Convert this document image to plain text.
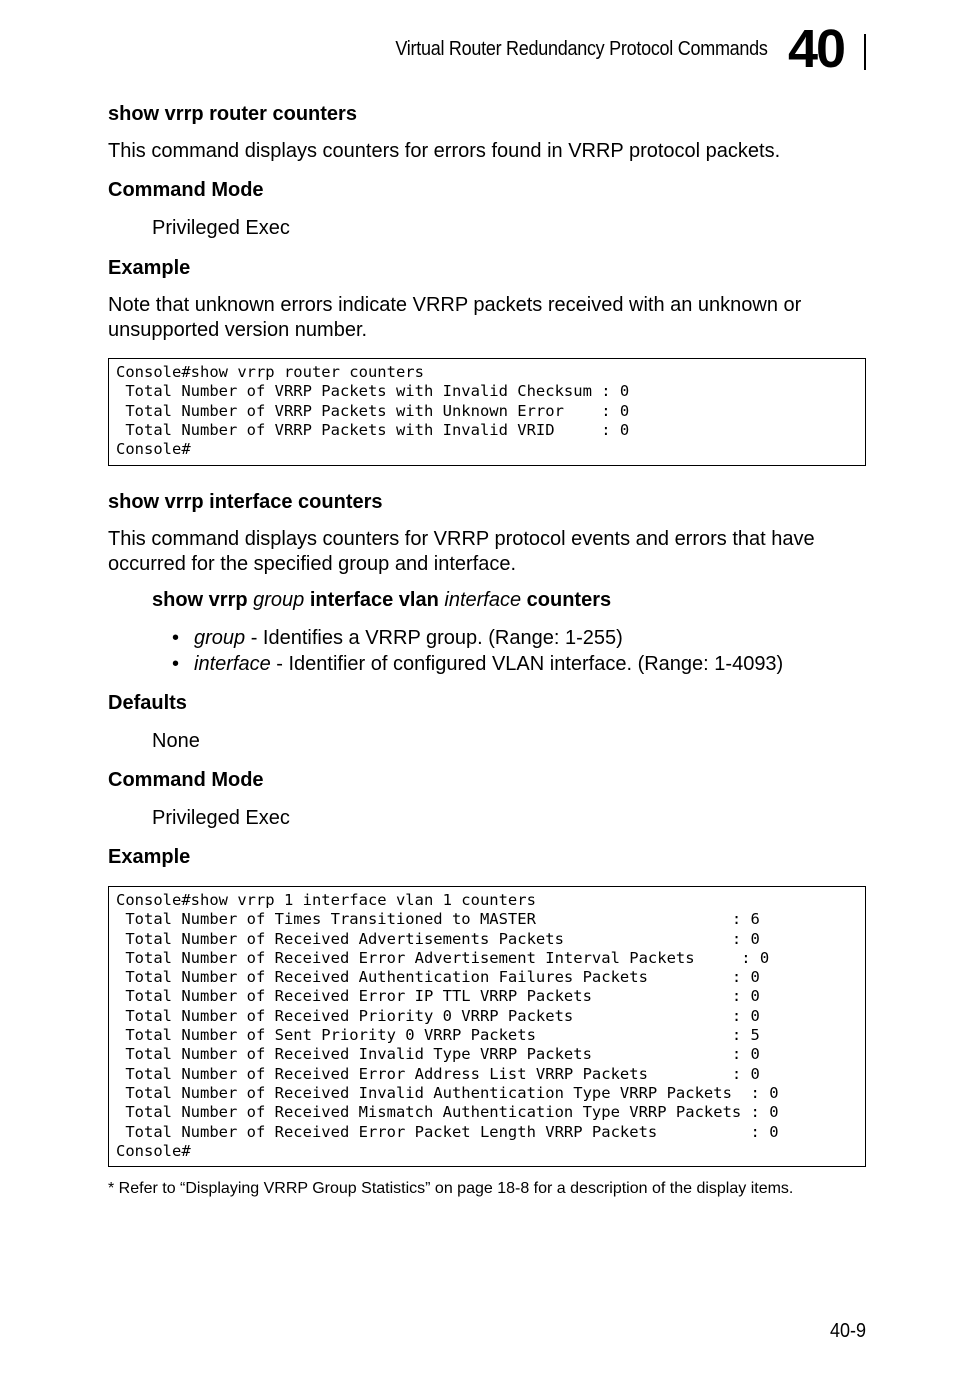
Virtual Router Redundancy Protocol Commands 40
show vrrp router counters
This command displays counters for errors found in VRRP protocol packets.
Command Mode
Privileged Exec
Example
Note that unknown errors indicate VRRP packets received with an unknown or
unsupported version number.
Console#show vrrp router counters
Total Number of VRRP Packets with Invalid Checksum : 0
Total Number of VRRP Packets with Unknown Error    : 0
Total Number of VRRP Packets with Invalid VRID     : 0
Console#
show vrrp interface counters
This command displays counters for VRRP protocol events and errors that have
occurred for the specified group and interface.
show vrrp group interface vlan interface counters
• group - Identifies a VRRP group. (Range: 1-255)
• interface - Identifier of configured VLAN interface. (Range: 1-4093)
Defaults
None
Command Mode
Privileged Exec
Example
Console#show vrrp 1 interface vlan 1 counters
Total Number of Times Transitioned to MASTER                     : 6
Total Number of Received Advertisements Packets                  : 0
Total Number of Received Error Advertisement Interval Packets     : 0
Total Number of Received Authentication Failures Packets         : 0
Total Number of Received Error IP TTL VRRP Packets               : 0
Total Number of Received Priority 0 VRRP Packets                 : 0
Total Number of Sent Priority 0 VRRP Packets                     : 5
Total Number of Received Invalid Type VRRP Packets               : 0
Total Number of Received Error Address List VRRP Packets         : 0
Total Number of Received Invalid Authentication Type VRRP Packets  : 0
Total Number of Received Mismatch Authentication Type VRRP Packets : 0
Total Number of Received Error Packet Length VRRP Packets          : 0
Console#
* Refer to “Displaying VRRP Group Statistics” on page 18-8 for a description of the display items.
40-9
